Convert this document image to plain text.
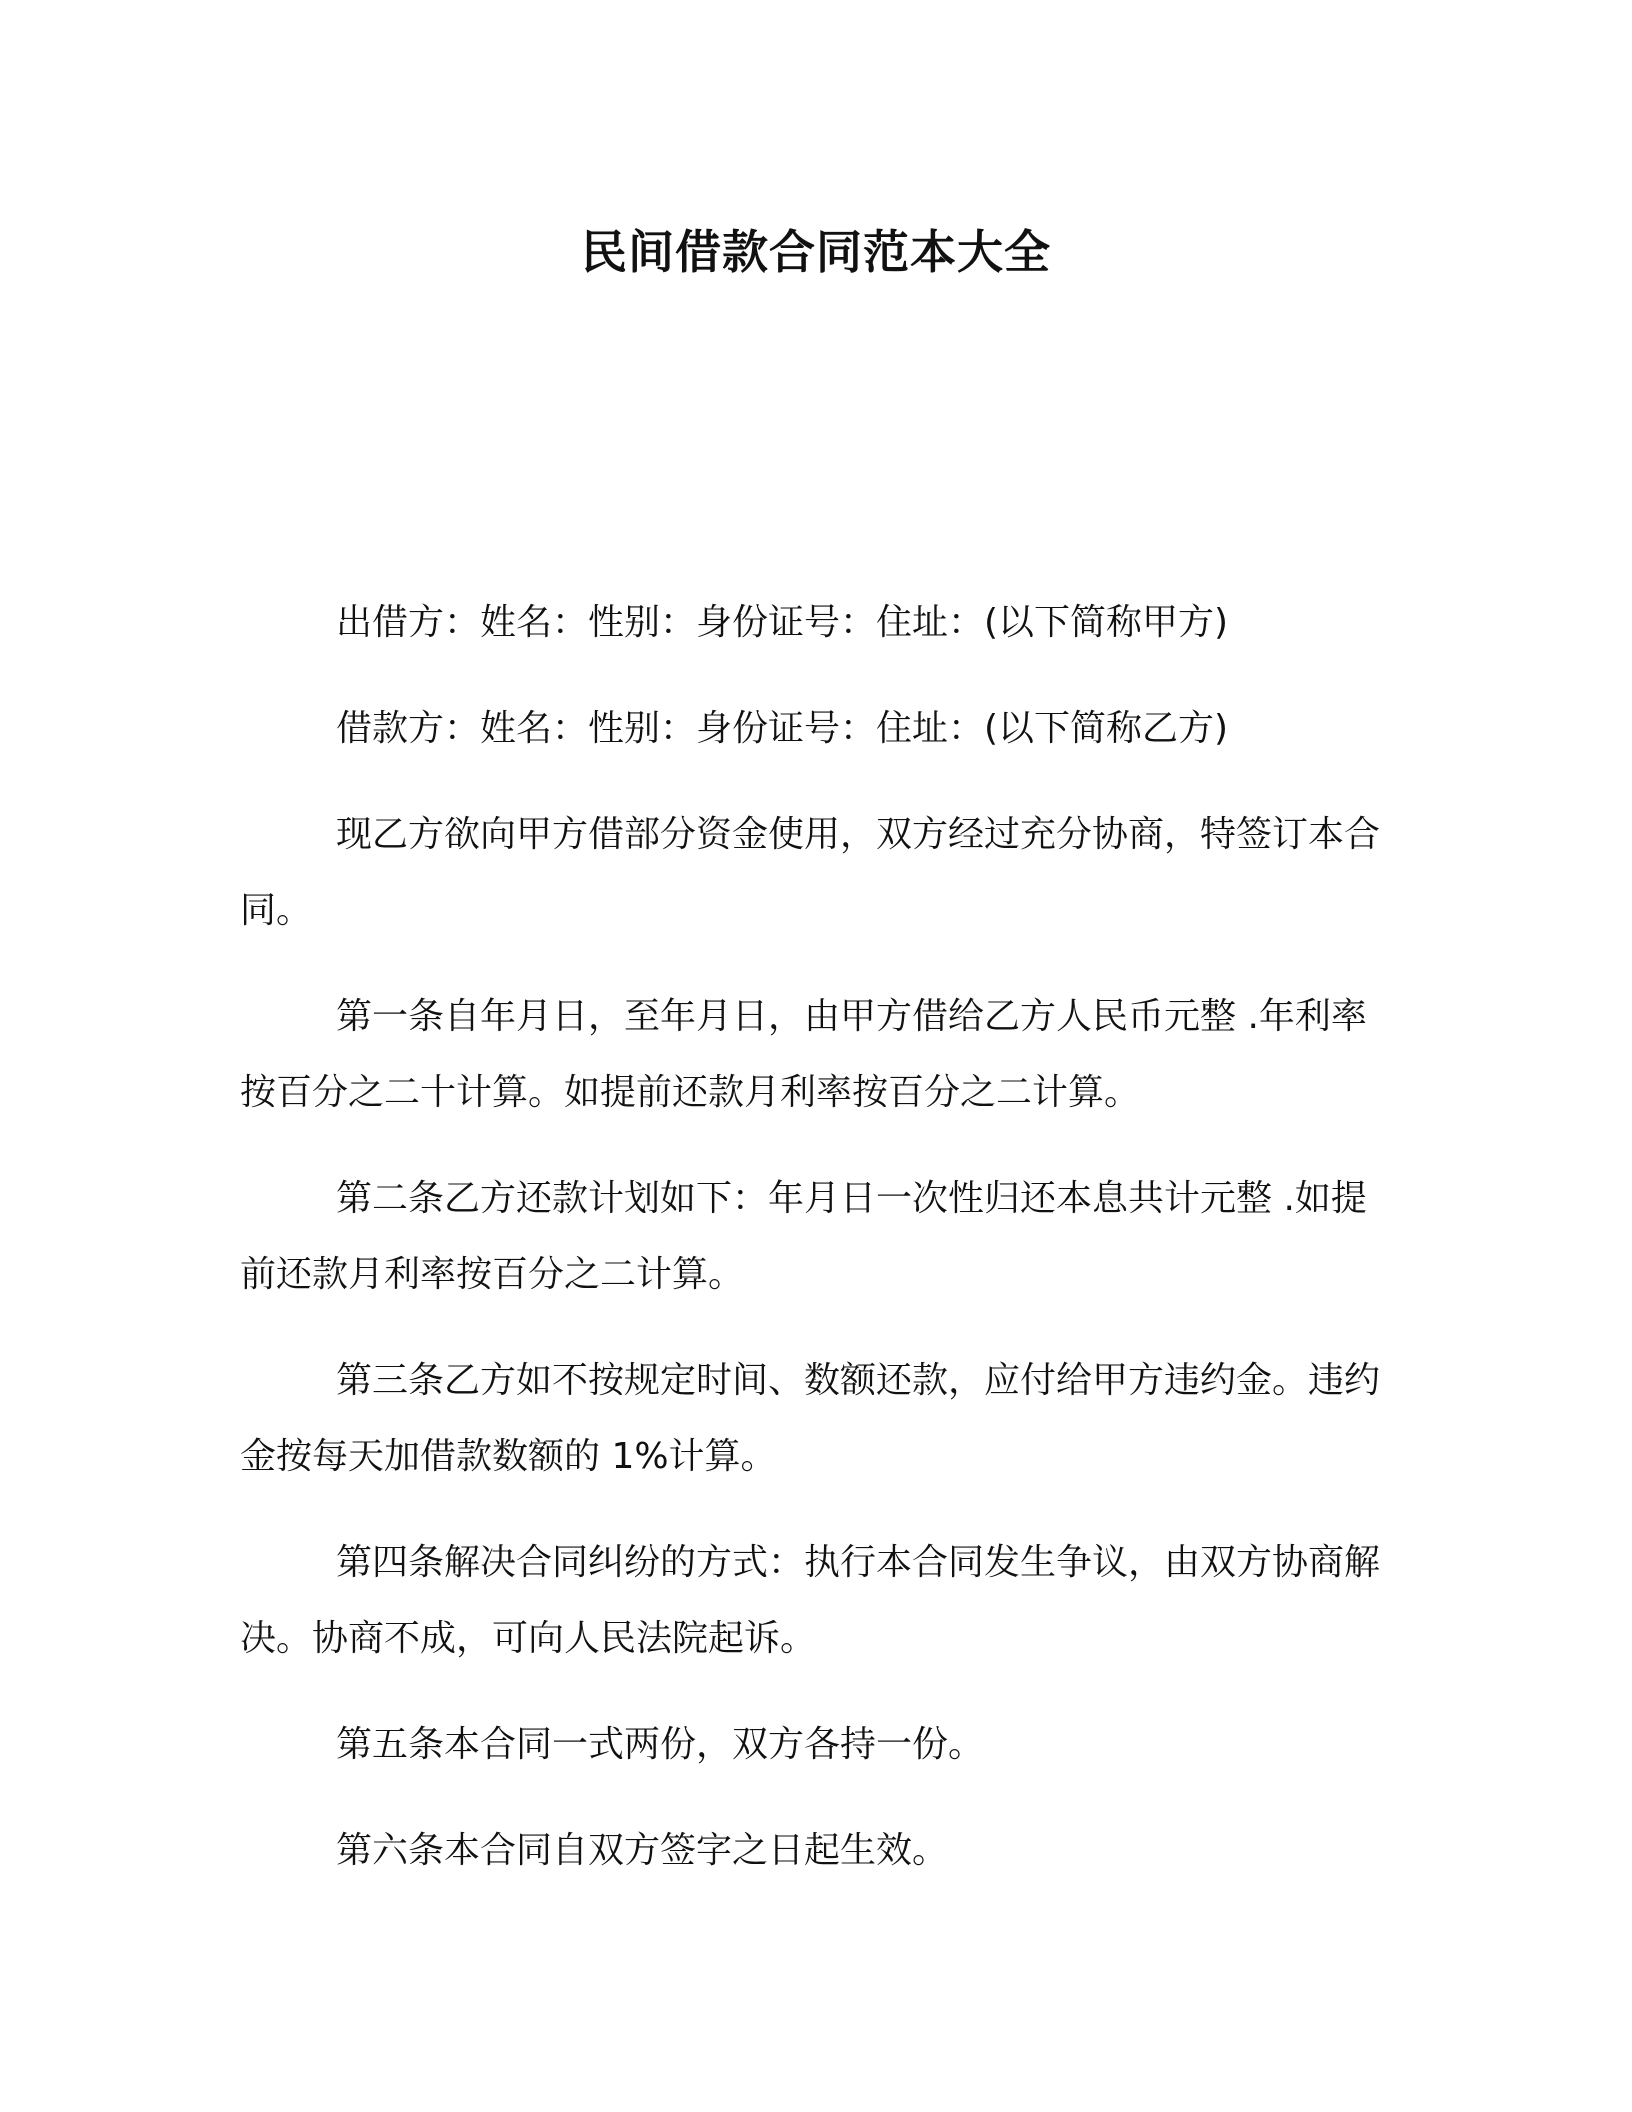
民间借款合同范本大全

出借方：姓名：性别：身份证号：住址：(以下简称甲方)

借款方：姓名：性别：身份证号：住址：(以下简称乙方)

现乙方欲向甲方借部分资金使用，双方经过充分协商，特签订本合同。

第一条自年月日，至年月日，由甲方借给乙方人民币元整 .年利率按百分之二十计算。如提前还款月利率按百分之二计算。

第二条乙方还款计划如下：年月日一次性归还本息共计元整 .如提前还款月利率按百分之二计算。

第三条乙方如不按规定时间、数额还款，应付给甲方违约金。违约金按每天加借款数额的 1%计算。

第四条解决合同纠纷的方式：执行本合同发生争议，由双方协商解决。协商不成，可向人民法院起诉。

第五条本合同一式两份，双方各持一份。

第六条本合同自双方签字之日起生效。
